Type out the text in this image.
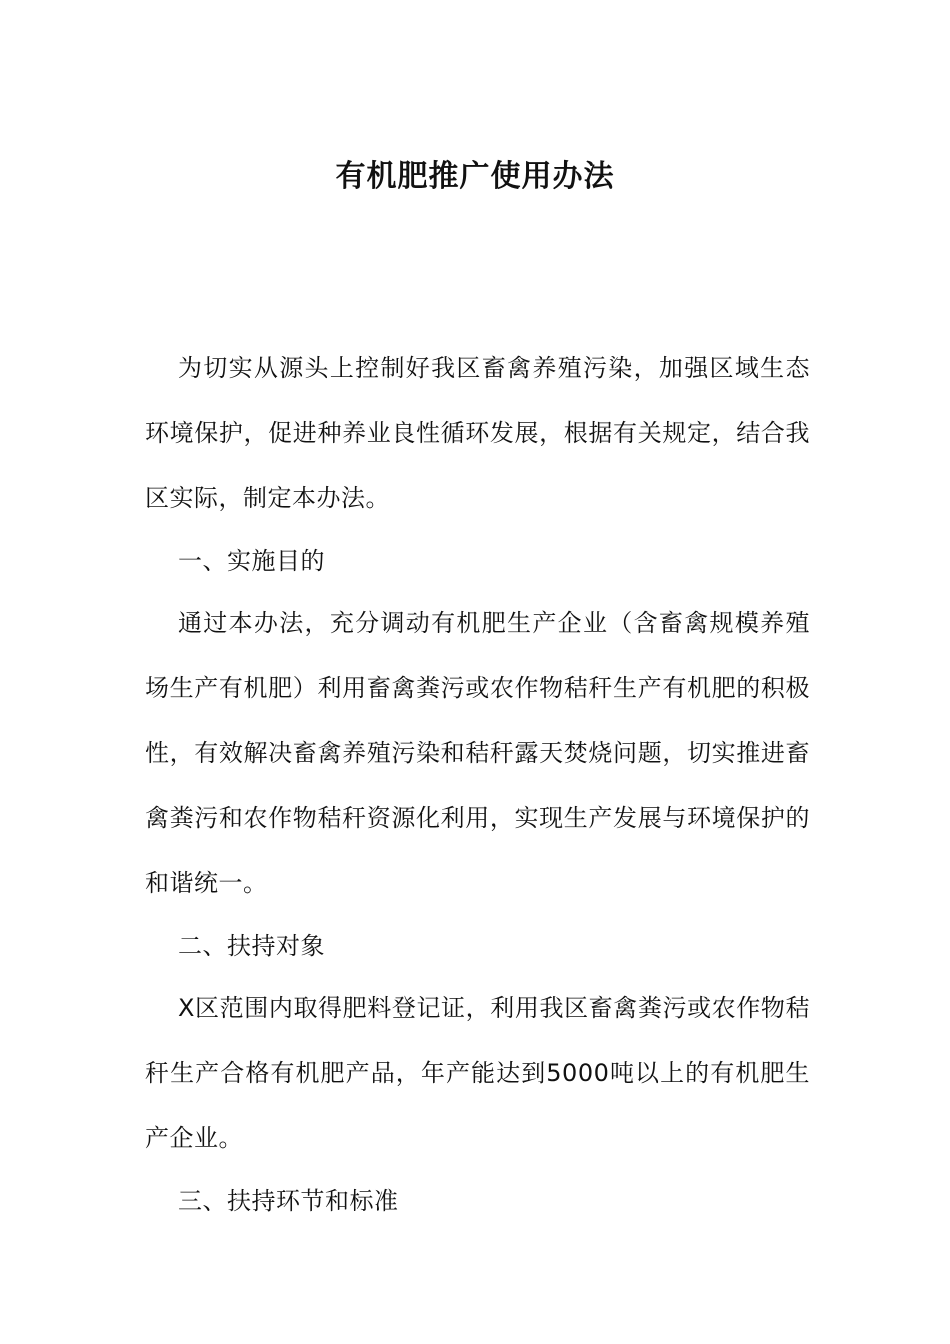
有机肥推广使用办法

为切实从源头上控制好我区畜禽养殖污染，加强区域生态环境保护，促进种养业良性循环发展，根据有关规定，结合我区实际，制定本办法。

一、实施目的

通过本办法，充分调动有机肥生产企业（含畜禽规模养殖场生产有机肥）利用畜禽粪污或农作物秸秆生产有机肥的积极性，有效解决畜禽养殖污染和秸秆露天焚烧问题，切实推进畜禽粪污和农作物秸秆资源化利用，实现生产发展与环境保护的和谐统一。

二、扶持对象

X区范围内取得肥料登记证，利用我区畜禽粪污或农作物秸秆生产合格有机肥产品，年产能达到5000吨以上的有机肥生产企业。

三、扶持环节和标准
